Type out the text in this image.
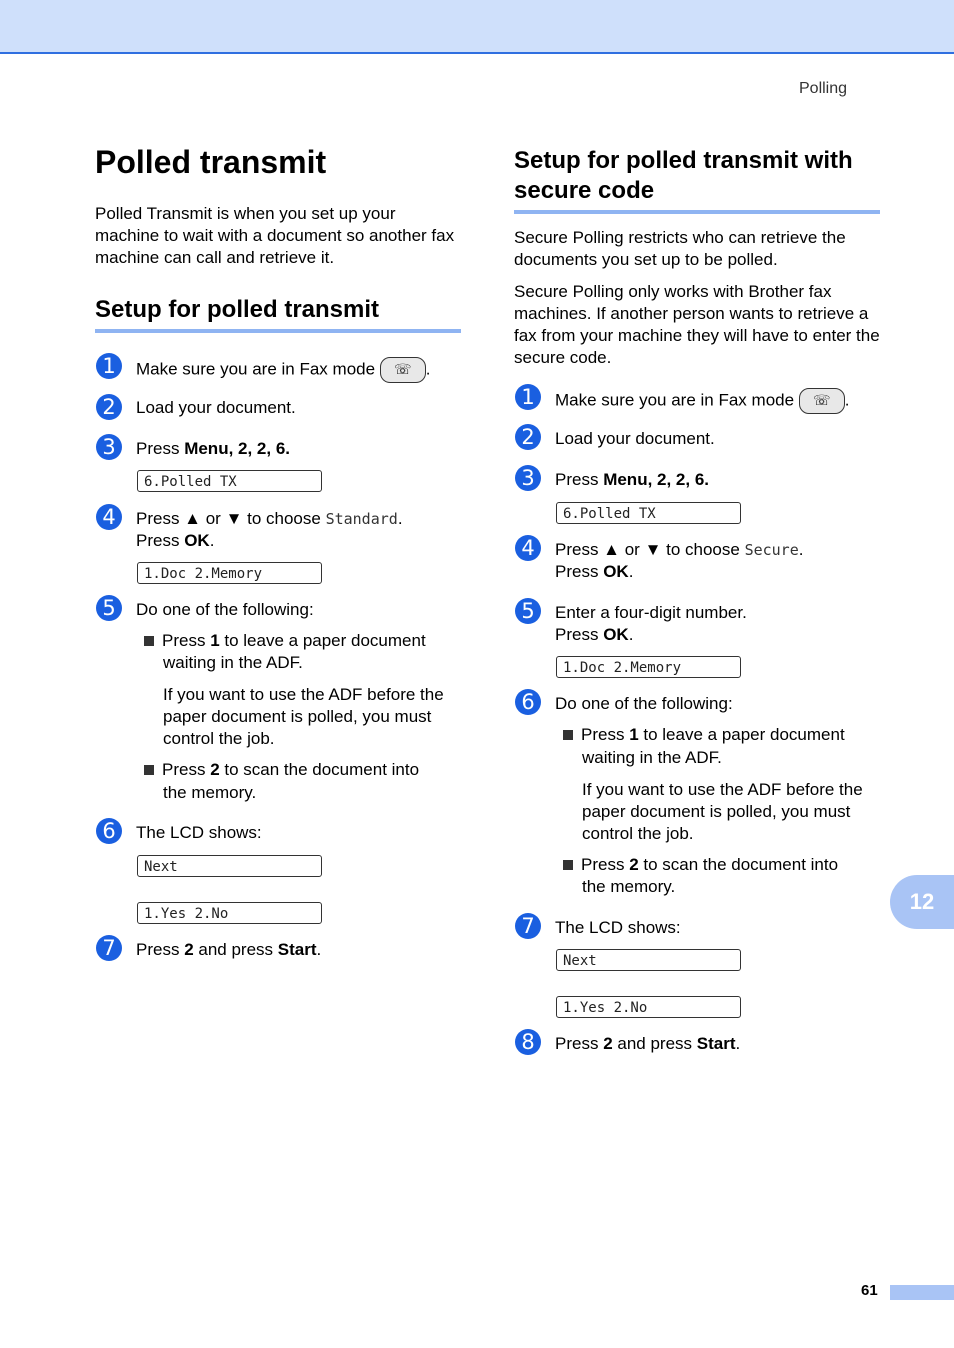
Polling
Polled transmit

Polled Transmit is when you set up your machine to wait with a document so another fax machine can call and retrieve it.

Setup for polled transmit
1	Make sure you are in Fax mode ☏ .
2	Load your document.
3	Press Menu, 2, 2, 6.
6.Polled TX
4	Press ▲ or ▼ to choose Standard.
Press OK.
1.Doc 2.Memory
5	Do one of the following:
Press 1 to leave a paper document
waiting in the ADF.

If you want to use the ADF before the paper document is polled, you must control the job.

Press 2 to scan the document into
the memory.
6	The LCD shows:
Next
1.Yes 2.No
7	Press 2 and press Start.
Setup for polled transmit with secure code

Secure Polling restricts who can retrieve the documents you set up to be polled.

Secure Polling only works with Brother fax machines. If another person wants to retrieve a fax from your machine they will have to enter the secure code.

1	Make sure you are in Fax mode ☏ .
2	Load your document.
3	Press Menu, 2, 2, 6.
6.Polled TX
4	Press ▲ or ▼ to choose Secure.
Press OK.
5	Enter a four-digit number.
Press OK.
1.Doc 2.Memory
6	Do one of the following:
Press 1 to leave a paper document
waiting in the ADF.

If you want to use the ADF before the paper document is polled, you must control the job.

Press 2 to scan the document into
the memory.
7	The LCD shows:
Next
1.Yes 2.No
8	Press 2 and press Start.
12
61
